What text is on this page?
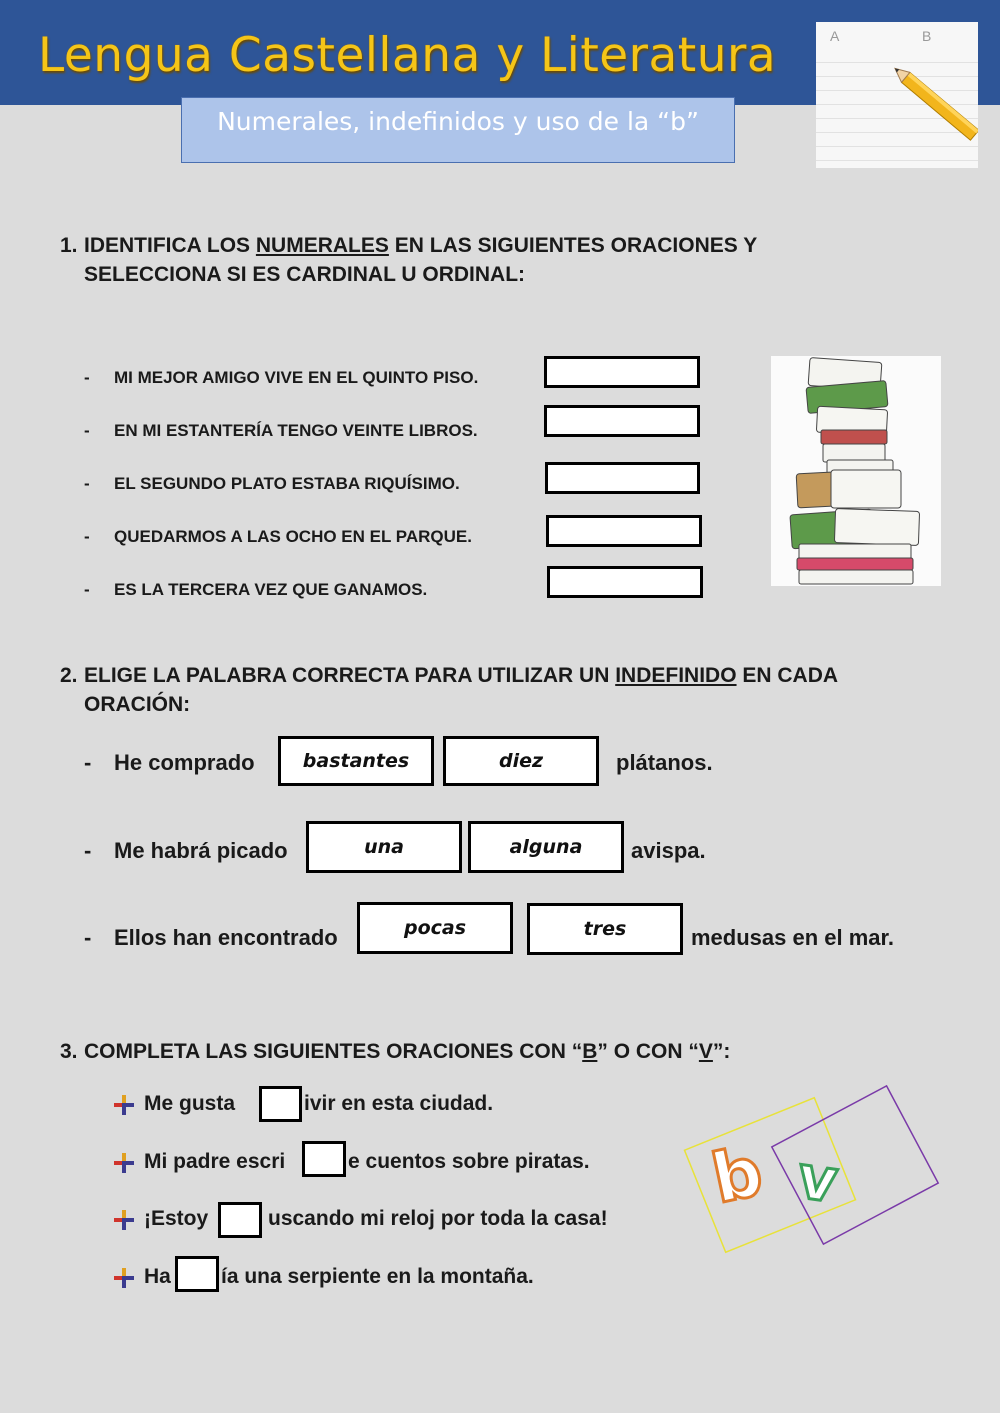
Lengua Castellana y Literatura
Numerales, indefinidos y uso de la “b”
A	B
1. IDENTIFICA LOS NUMERALES EN LAS SIGUIENTES ORACIONES Y
SELECCIONA SI ES CARDINAL U ORDINAL:
- MI MEJOR AMIGO VIVE EN EL QUINTO PISO.
- EN MI ESTANTERÍA TENGO VEINTE LIBROS.
- EL SEGUNDO PLATO ESTABA RIQUÍSIMO.
- QUEDARMOS A LAS OCHO EN EL PARQUE.
- ES LA TERCERA VEZ QUE GANAMOS.
2. ELIGE LA PALABRA CORRECTA PARA UTILIZAR UN INDEFINIDO EN CADA
ORACIÓN:
- He comprado	bastantes	diez	plátanos.
- Me habrá picado	una	alguna	avispa.
- Ellos han encontrado	pocas	tres	medusas en el mar.
3. COMPLETA LAS SIGUIENTES ORACIONES CON “B” O CON “V”:
Me gusta	ivir en esta ciudad.
Mi padre escri	e cuentos sobre piratas.
¡Estoy	uscando mi reloj por toda la casa!
Ha ía una serpiente en la montaña.
b v
